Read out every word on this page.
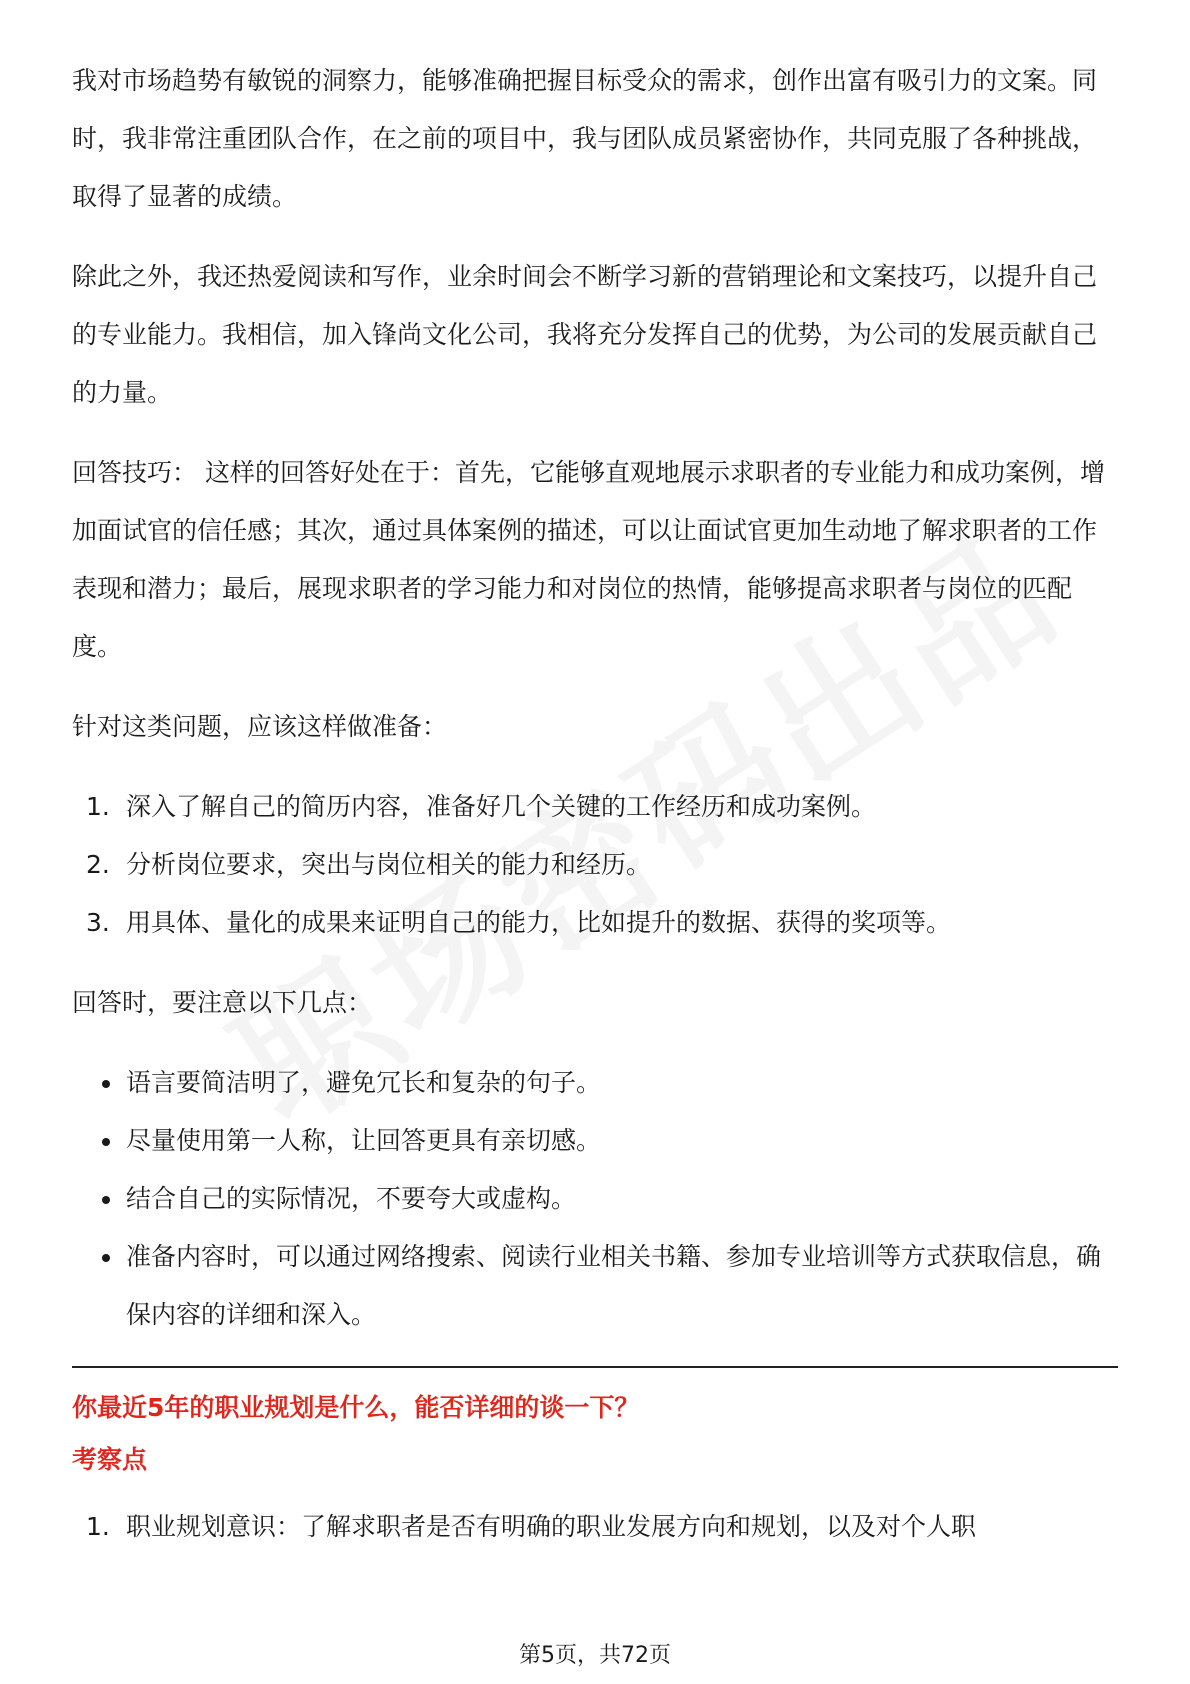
我对市场趋势有敏锐的洞察力，能够准确把握目标受众的需求，创作出富有吸引力的文案。同时，我非常注重团队合作，在之前的项目中，我与团队成员紧密协作，共同克服了各种挑战，取得了显著的成绩。

除此之外，我还热爱阅读和写作，业余时间会不断学习新的营销理论和文案技巧，以提升自己的专业能力。我相信，加入锋尚文化公司，我将充分发挥自己的优势，为公司的发展贡献自己的力量。

回答技巧： 这样的回答好处在于：首先，它能够直观地展示求职者的专业能力和成功案例，增加面试官的信任感；其次，通过具体案例的描述，可以让面试官更加生动地了解求职者的工作表现和潜力；最后，展现求职者的学习能力和对岗位的热情，能够提高求职者与岗位的匹配度。

针对这类问题，应该这样做准备：

1. 深入了解自己的简历内容，准备好几个关键的工作经历和成功案例。
2. 分析岗位要求，突出与岗位相关的能力和经历。
3. 用具体、量化的成果来证明自己的能力，比如提升的数据、获得的奖项等。

回答时，要注意以下几点：

语言要简洁明了，避免冗长和复杂的句子。
尽量使用第一人称，让回答更具有亲切感。
结合自己的实际情况，不要夸大或虚构。
准备内容时，可以通过网络搜索、阅读行业相关书籍、参加专业培训等方式获取信息，确保内容的详细和深入。

你最近5年的职业规划是什么，能否详细的谈一下？

考察点

1. 职业规划意识：了解求职者是否有明确的职业发展方向和规划，以及对个人职
第5页，共72页
